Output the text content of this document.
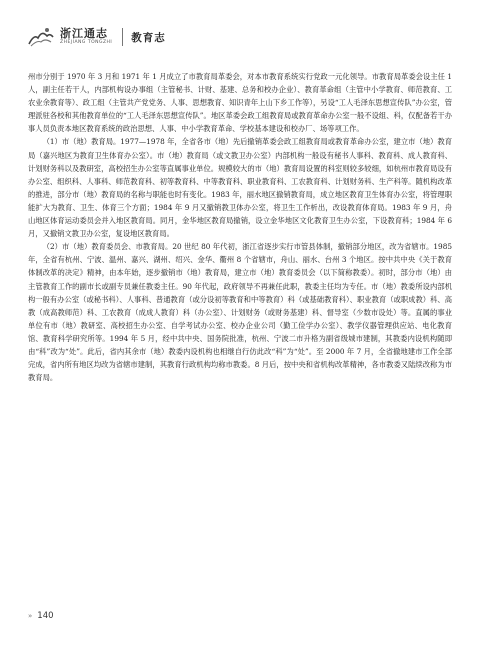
浙江通志
ZHEJIANG TONGZHI 教育志

州市分别于 1970 年 3 月和 1971 年 1 月成立了市教育局革委会，对本市教育系统实行党政一元化领导。市教育局革委会设主任 1 人，副主任若干人，内部机构设办事组（主管秘书、计财、基建、总务和校办企业）、教育革命组（主管中小学教育、师范教育、工农业余教育等）、政工组（主管共产党党务、人事、思想教育、知识青年上山下乡工作等），另设“工人毛泽东思想宣传队”办公室，管理派驻各校和其他教育单位的“工人毛泽东思想宣传队”。地区革委会政工组教育局或教育革命办公室一般不设组、科，仅配备若干办事人员负责本地区教育系统的政治思想、人事、中小学教育革命、学校基本建设和校办厂、场等项工作。

（1）市（地）教育局。1977—1978 年，全省各市（地）先后撤销革委会政工组教育局或教育革命办公室，建立市（地）教育局（嘉兴地区为教育卫生体育办公室）。市（地）教育局（或文教卫办公室）内部机构一般设有秘书人事科、教育科、成人教育科、计划财务科以及教研室，高校招生办公室等直属事业单位。规模较大的市（地）教育局设置的科室则较多较细，如杭州市教育局设有办公室、组织科、人事科、师范教育科、初等教育科、中等教育科、职业教育科、工农教育科、计划财务科、生产科等。随机构改革的推进，部分市（地）教育局的名称与职能也时有变化。1983 年，丽水地区撤销教育局，成立地区教育卫生体育办公室，将管理职能扩大为教育、卫生、体育三个方面；1984 年 9 月又撤销教卫体办公室，将卫生工作析出，改设教育体育局。1983 年 9 月，舟山地区体育运动委员会并入地区教育局。同月，金华地区教育局撤销，设立金华地区文化教育卫生办公室，下设教育科；1984 年 6 月，又撤销文教卫办公室，复设地区教育局。

（2）市（地）教育委员会、市教育局。20 世纪 80 年代初，浙江省逐步实行市管县体制，撤销部分地区，改为省辖市。1985 年，全省有杭州、宁波、温州、嘉兴、湖州、绍兴、金华、衢州 8 个省辖市，舟山、丽水、台州 3 个地区。按中共中央《关于教育体制改革的决定》精神，由本年始，逐步撤销市（地）教育局，建立市（地）教育委员会（以下简称教委）。初时，部分市（地）由主管教育工作的副市长或副专员兼任教委主任。90 年代起，政府领导不再兼任此职，教委主任均为专任。市（地）教委所设内部机构一般有办公室（或秘书科）、人事科、普通教育（或分设初等教育和中等教育）科（或基础教育科）、职业教育（或职成教）科、高教（成高教师范）科、工农教育（成成人教育）科（办公室）、计划财务（或财务基建）科、督导室（少数市设处）等。直属的事业单位有市（地）教研室、高校招生办公室、自学考试办公室、校办企业公司（勤工俭学办公室）、教学仪器管理供应站、电化教育馆、教育科学研究所等。1994 年 5 月，经中共中央、国务院批准，杭州、宁波二市升格为副省级城市建制，其教委内设机构随即由“科”改为“处”。此后，省内其余市（地）教委内设机构也相继自行仿此改“科”为“处”。至 2000 年 7 月，全省撤地建市工作全部完成，省内所有地区均改为省辖市建制，其教育行政机构均称市教委。8 月后，按中央和省机构改革精神，各市教委又陆续改称为市教育局。

» 140
